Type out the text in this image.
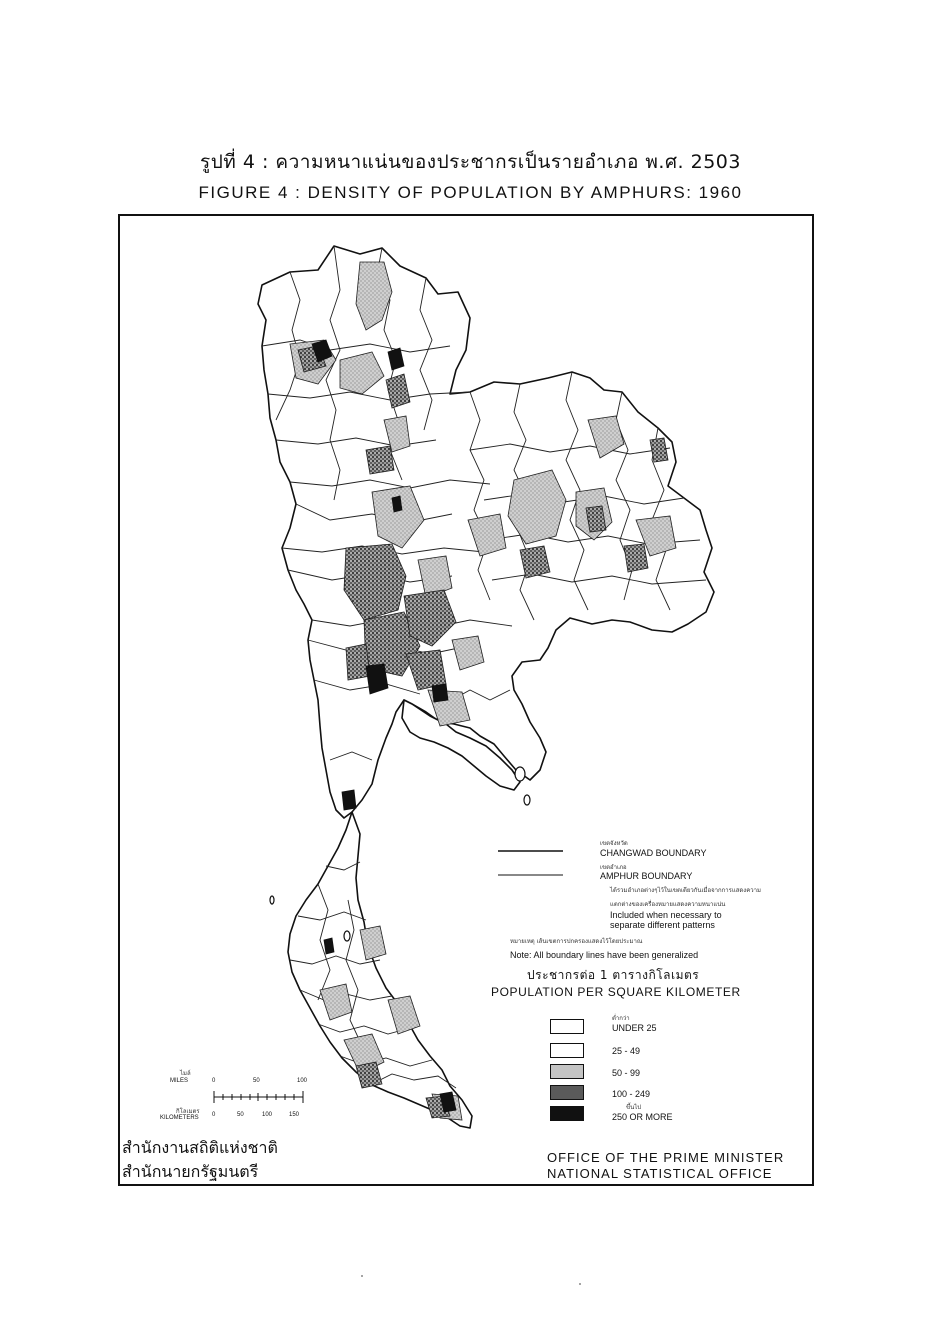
รูปที่ 4 : ความหนาแน่นของประชากรเป็นรายอำเภอ พ.ศ. 2503
FIGURE 4 : DENSITY OF POPULATION BY AMPHURS: 1960
เขตจังหวัด
CHANGWAD BOUNDARY
เขตอำเภอ
AMPHUR BOUNDARY
ได้รวมอำเภอต่างๆไว้ในเขตเดียวกันเมื่อจากการแสดงความ
แตกต่างของเครื่องหมายแสดงความหนาแน่น
Included when necessary to
separate different patterns
หมายเหตุ เส้นเขตการปกครองแสดงไว้โดยประมาณ
Note: All boundary lines have been generalized
ประชากรต่อ 1 ตารางกิโลเมตร
POPULATION PER SQUARE KILOMETER
ต่ำกว่า
UNDER 25
25 - 49
50 - 99
100 - 249
ขึ้นไป
250 OR MORE
ไมล์
MILES	0	50	100
กิโลเมตร
KILOMETERS 0	50	100	150
สำนักงานสถิติแห่งชาติ
สำนักนายกรัฐมนตรี
OFFICE OF THE PRIME MINISTER
NATIONAL STATISTICAL OFFICE
